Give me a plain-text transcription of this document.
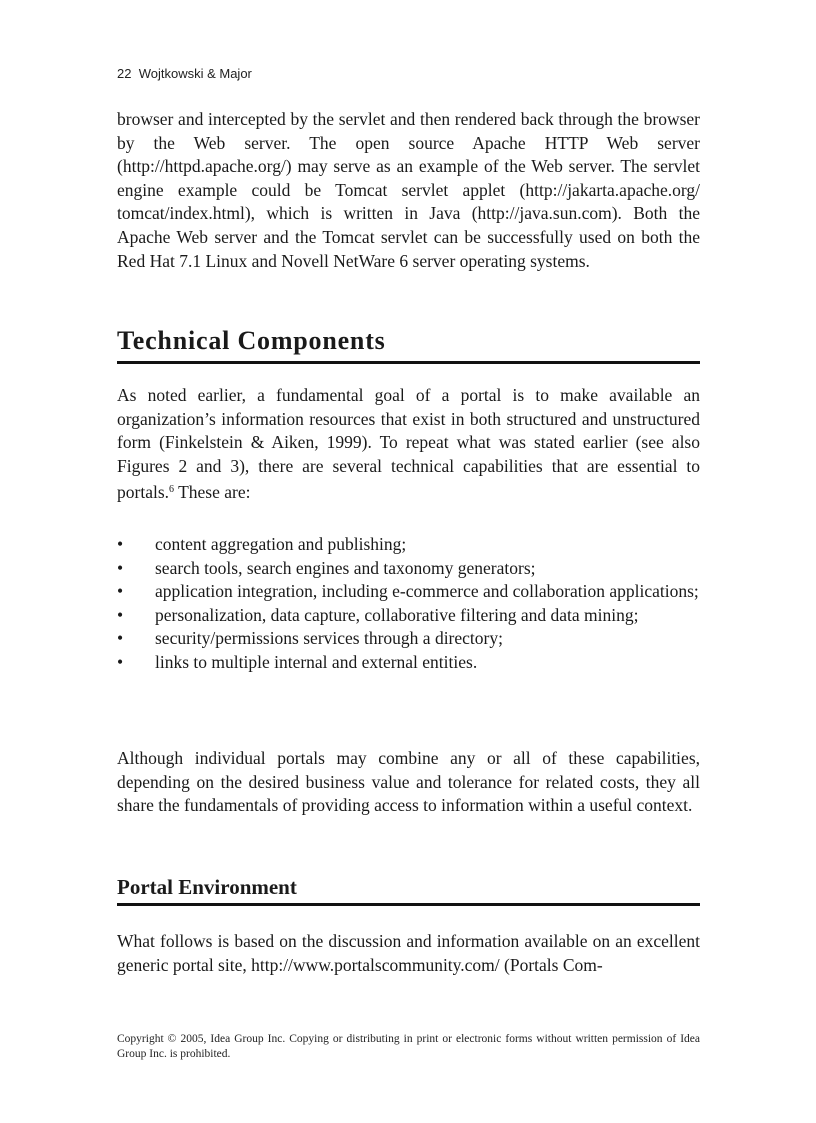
22 Wojtkowski & Major

browser and intercepted by the servlet and then rendered back through the browser by the Web server. The open source Apache HTTP Web server (http://httpd.apache.org/) may serve as an example of the Web server. The servlet engine example could be Tomcat servlet applet (http://jakarta.apache.org/ tomcat/index.html), which is written in Java (http://java.sun.com). Both the Apache Web server and the Tomcat servlet can be successfully used on both the Red Hat 7.1 Linux and Novell NetWare 6 server operating systems.

Technical Components

As noted earlier, a fundamental goal of a portal is to make available an organization’s information resources that exist in both structured and unstructured form (Finkelstein & Aiken, 1999). To repeat what was stated earlier (see also Figures 2 and 3), there are several technical capabilities that are essential to portals.$^6$ These are:

• content aggregation and publishing;
• search tools, search engines and taxonomy generators;
• application integration, including e-commerce and collaboration applications;
• personalization, data capture, collaborative filtering and data mining;
• security/permissions services through a directory;
• links to multiple internal and external entities.

Although individual portals may combine any or all of these capabilities, depending on the desired business value and tolerance for related costs, they all share the fundamentals of providing access to information within a useful context.

Portal Environment

What follows is based on the discussion and information available on an excellent generic portal site, http://www.portalscommunity.com/ (Portals Com-

Copyright © 2005, Idea Group Inc. Copying or distributing in print or electronic forms without written permission of Idea Group Inc. is prohibited.
